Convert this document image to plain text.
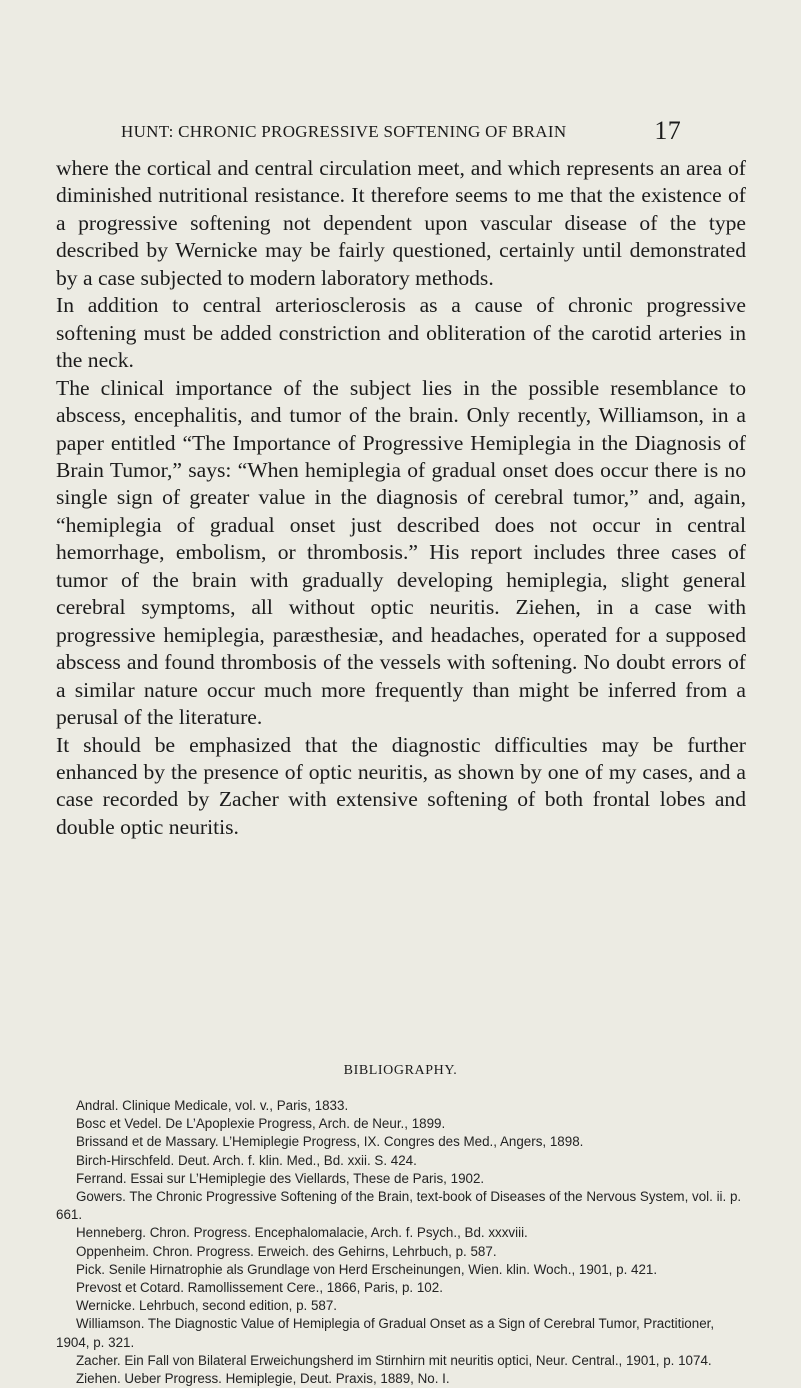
HUNT: CHRONIC PROGRESSIVE SOFTENING OF BRAIN	17

where the cortical and central circulation meet, and which represents an area of diminished nutritional resistance. It therefore seems to me that the existence of a progressive softening not dependent upon vascular disease of the type described by Wernicke may be fairly questioned, certainly until demonstrated by a case subjected to modern laboratory methods.

In addition to central arteriosclerosis as a cause of chronic progressive softening must be added constriction and obliteration of the carotid arteries in the neck.

The clinical importance of the subject lies in the possible resemblance to abscess, encephalitis, and tumor of the brain. Only recently, Williamson, in a paper entitled “The Importance of Progressive Hemiplegia in the Diagnosis of Brain Tumor,” says: “When hemiplegia of gradual onset does occur there is no single sign of greater value in the diagnosis of cerebral tumor,” and, again, “hemiplegia of gradual onset just described does not occur in central hemorrhage, embolism, or thrombosis.” His report includes three cases of tumor of the brain with gradually developing hemiplegia, slight general cerebral symptoms, all without optic neuritis. Ziehen, in a case with progressive hemiplegia, paræsthesiæ, and headaches, operated for a supposed abscess and found thrombosis of the vessels with softening. No doubt errors of a similar nature occur much more frequently than might be inferred from a perusal of the literature.

It should be emphasized that the diagnostic difficulties may be further enhanced by the presence of optic neuritis, as shown by one of my cases, and a case recorded by Zacher with extensive softening of both frontal lobes and double optic neuritis.

BIBLIOGRAPHY.
Andral. Clinique Medicale, vol. v., Paris, 1833.
Bosc et Vedel. De L’Apoplexie Progress, Arch. de Neur., 1899.
Brissand et de Massary. L’Hemiplegie Progress, IX. Congres des Med., Angers, 1898.
Birch-Hirschfeld. Deut. Arch. f. klin. Med., Bd. xxii. S. 424.
Ferrand. Essai sur L’Hemiplegie des Viellards, These de Paris, 1902.
Gowers. The Chronic Progressive Softening of the Brain, text-book of Diseases of the Nervous System, vol. ii. p. 661.
Henneberg. Chron. Progress. Encephalomalacie, Arch. f. Psych., Bd. xxxviii.
Oppenheim. Chron. Progress. Erweich. des Gehirns, Lehrbuch, p. 587.
Pick. Senile Hirnatrophie als Grundlage von Herd Erscheinungen, Wien. klin. Woch., 1901, p. 421.
Prevost et Cotard. Ramollissement Cere., 1866, Paris, p. 102.
Wernicke. Lehrbuch, second edition, p. 587.
Williamson. The Diagnostic Value of Hemiplegia of Gradual Onset as a Sign of Cerebral Tumor, Practitioner, 1904, p. 321.
Zacher. Ein Fall von Bilateral Erweichungsherd im Stirnhirn mit neuritis optici, Neur. Central., 1901, p. 1074.
Ziehen. Ueber Progress. Hemiplegie, Deut. Praxis, 1889, No. I.
